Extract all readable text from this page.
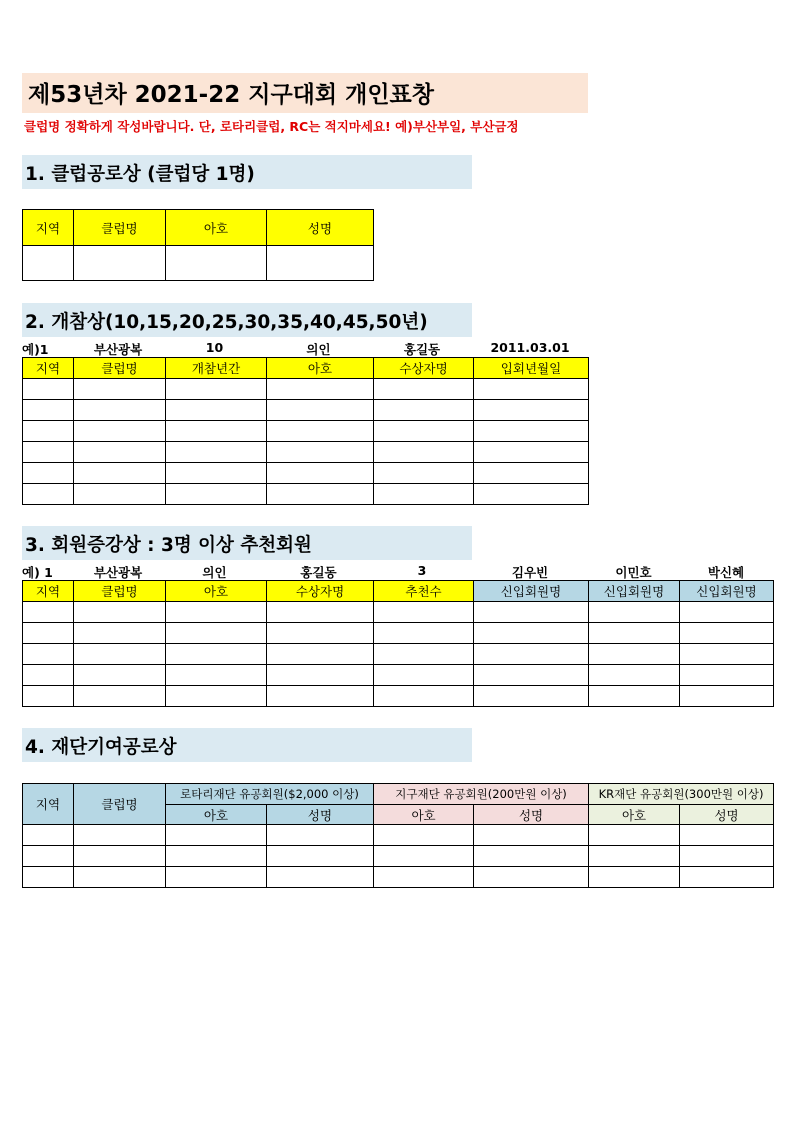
제53년차 2021-22 지구대회 개인표창
클럽명 정확하게 작성바랍니다. 단, 로타리클럽, RC는 적지마세요! 예)부산부일, 부산금정
1. 클럽공로상 (클럽당 1명)
지역	클럽명	아호	성명

2. 개참상(10,15,20,25,30,35,40,45,50년)
예)1	부산광복	10	의인	홍길동	2011.03.01
지역	클럽명	개참년간	아호	수상자명	입회년월일

3. 회원증강상 : 3명 이상 추천회원
예) 1	부산광복	의인	홍길동	3	김우빈	이민호	박신혜
지역	클럽명	아호	수상자명	추천수	신입회원명	신입회원명	신입회원명

4. 재단기여공로상
지역	클럽명	로타리재단 유공회원($2,000 이상)		지구재단 유공회원(200만원 이상)		KR재단 유공회원(300만원 이상)	
		아호	성명	아호	성명	아호	성명
